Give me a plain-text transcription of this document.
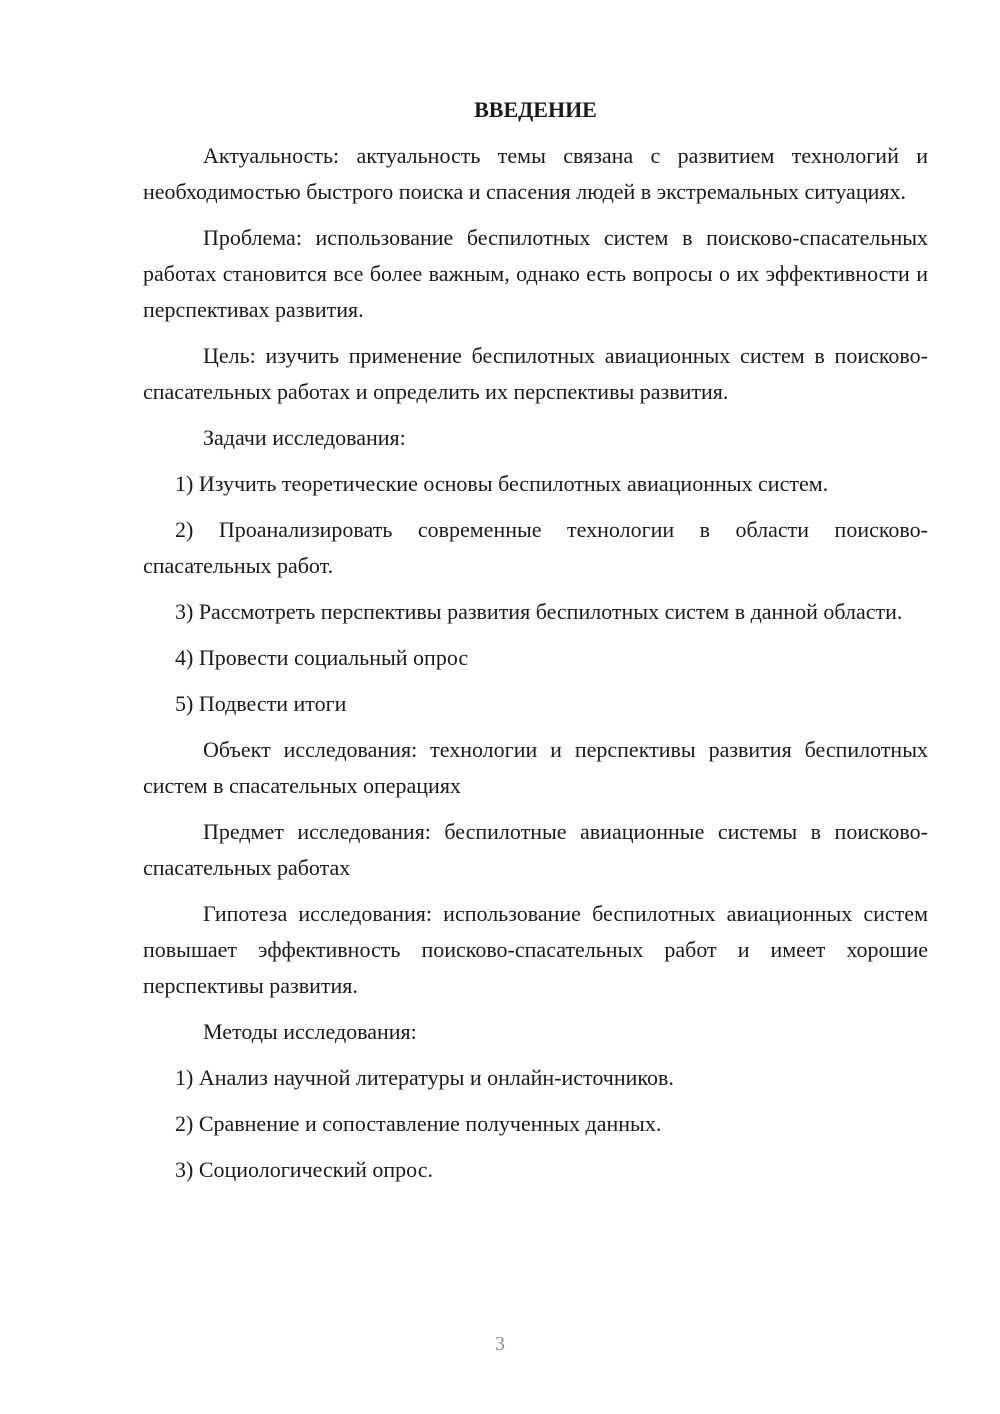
ВВЕДЕНИЕ

Актуальность: актуальность темы связана с развитием технологий и необходимостью быстрого поиска и спасения людей в экстремальных ситуациях.

Проблема: использование беспилотных систем в поисково-спасательных работах становится все более важным, однако есть вопросы о их эффективности и перспективах развития.

Цель: изучить применение беспилотных авиационных систем в поисково-спасательных работах и определить их перспективы развития.

Задачи исследования:

1) Изучить теоретические основы беспилотных авиационных систем.

2) Проанализировать современные технологии в области поисково-спасательных работ.

3) Рассмотреть перспективы развития беспилотных систем в данной области.

4) Провести социальный опрос

5) Подвести итоги

Объект исследования: технологии и перспективы развития беспилотных систем в спасательных операциях

Предмет исследования: беспилотные авиационные системы в поисково-спасательных работах

Гипотеза исследования: использование беспилотных авиационных систем повышает эффективность поисково-спасательных работ и имеет хорошие перспективы развития.

Методы исследования:

1) Анализ научной литературы и онлайн-источников.

2) Сравнение и сопоставление полученных данных.

3) Социологический опрос.

3
